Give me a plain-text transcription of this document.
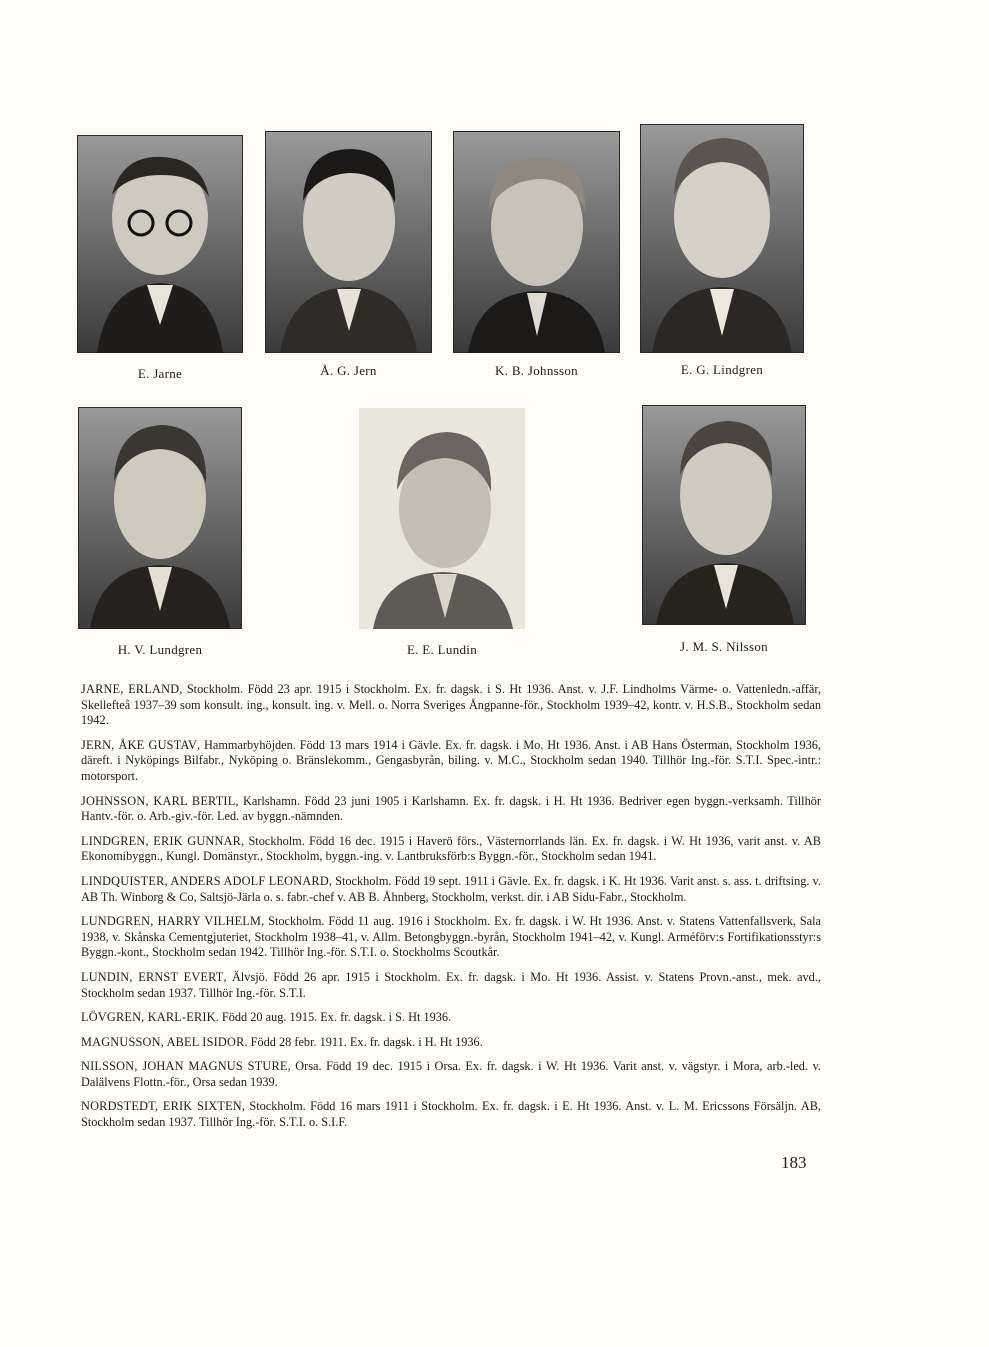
E. Jarne	Å. G. Jern	K. B. Johnsson	E. G. Lindgren
H. V. Lundgren	E. E. Lundin	J. M. S. Nilsson

JARNE, ERLAND, Stockholm. Född 23 apr. 1915 i Stockholm. Ex. fr. dagsk. i S. Ht 1936. Anst. v. J.F. Lindholms Värme- o. Vattenledn.-affär, Skellefteå 1937–39 som konsult. ing., konsult. ing. v. Mell. o. Norra Sveriges Ångpanne-för., Stockholm 1939–42, kontr. v. H.S.B., Stockholm sedan 1942.

JERN, ÅKE GUSTAV, Hammarbyhöjden. Född 13 mars 1914 i Gävle. Ex. fr. dagsk. i Mo. Ht 1936. Anst. i AB Hans Österman, Stockholm 1936, däreft. i Nyköpings Bilfabr., Nyköping o. Bränslekomm., Gengasbyrån, biling. v. M.C., Stockholm sedan 1940. Tillhör Ing.-för. S.T.I. Spec.-intr.: motorsport.

JOHNSSON, KARL BERTIL, Karlshamn. Född 23 juni 1905 i Karlshamn. Ex. fr. dagsk. i H. Ht 1936. Bedriver egen byggn.-verksamh. Tillhör Hantv.-för. o. Arb.-giv.-för. Led. av byggn.-nämnden.

LINDGREN, ERIK GUNNAR, Stockholm. Född 16 dec. 1915 i Haverö förs., Västernorrlands län. Ex. fr. dagsk. i W. Ht 1936, varit anst. v. AB Ekonomibyggn., Kungl. Domänstyr., Stockholm, byggn.-ing. v. Lantbruksförb:s Byggn.-för., Stockholm sedan 1941.

LINDQUISTER, ANDERS ADOLF LEONARD, Stockholm. Född 19 sept. 1911 i Gävle. Ex. fr. dagsk. i K. Ht 1936. Varit anst. s. ass. t. driftsing. v. AB Th. Winborg & Co, Saltsjö-Järla o. s. fabr.-chef v. AB B. Åhnberg, Stockholm, verkst. dir. i AB Sidu-Fabr., Stockholm.

LUNDGREN, HARRY VILHELM, Stockholm. Född 11 aug. 1916 i Stockholm. Ex. fr. dagsk. i W. Ht 1936. Anst. v. Statens Vattenfallsverk, Sala 1938, v. Skånska Cementgjuteriet, Stockholm 1938–41, v. Allm. Betongbyggn.-byrån, Stockholm 1941–42, v. Kungl. Arméförv:s Fortifikationsstyr:s Byggn.-kont., Stockholm sedan 1942. Tillhör Ing.-för. S.T.I. o. Stockholms Scoutkår.

LUNDIN, ERNST EVERT, Älvsjö. Född 26 apr. 1915 i Stockholm. Ex. fr. dagsk. i Mo. Ht 1936. Assist. v. Statens Provn.-anst., mek. avd., Stockholm sedan 1937. Tillhör Ing.-för. S.T.I.

LÖVGREN, KARL-ERIK. Född 20 aug. 1915. Ex. fr. dagsk. i S. Ht 1936.

MAGNUSSON, ABEL ISIDOR. Född 28 febr. 1911. Ex. fr. dagsk. i H. Ht 1936.

NILSSON, JOHAN MAGNUS STURE, Orsa. Född 19 dec. 1915 i Orsa. Ex. fr. dagsk. i W. Ht 1936. Varit anst. v. vägstyr. i Mora, arb.-led. v. Dalälvens Flottn.-för., Orsa sedan 1939.

NORDSTEDT, ERIK SIXTEN, Stockholm. Född 16 mars 1911 i Stockholm. Ex. fr. dagsk. i E. Ht 1936. Anst. v. L. M. Ericssons Försäljn. AB, Stockholm sedan 1937. Tillhör Ing.-för. S.T.I. o. S.I.F.

183
